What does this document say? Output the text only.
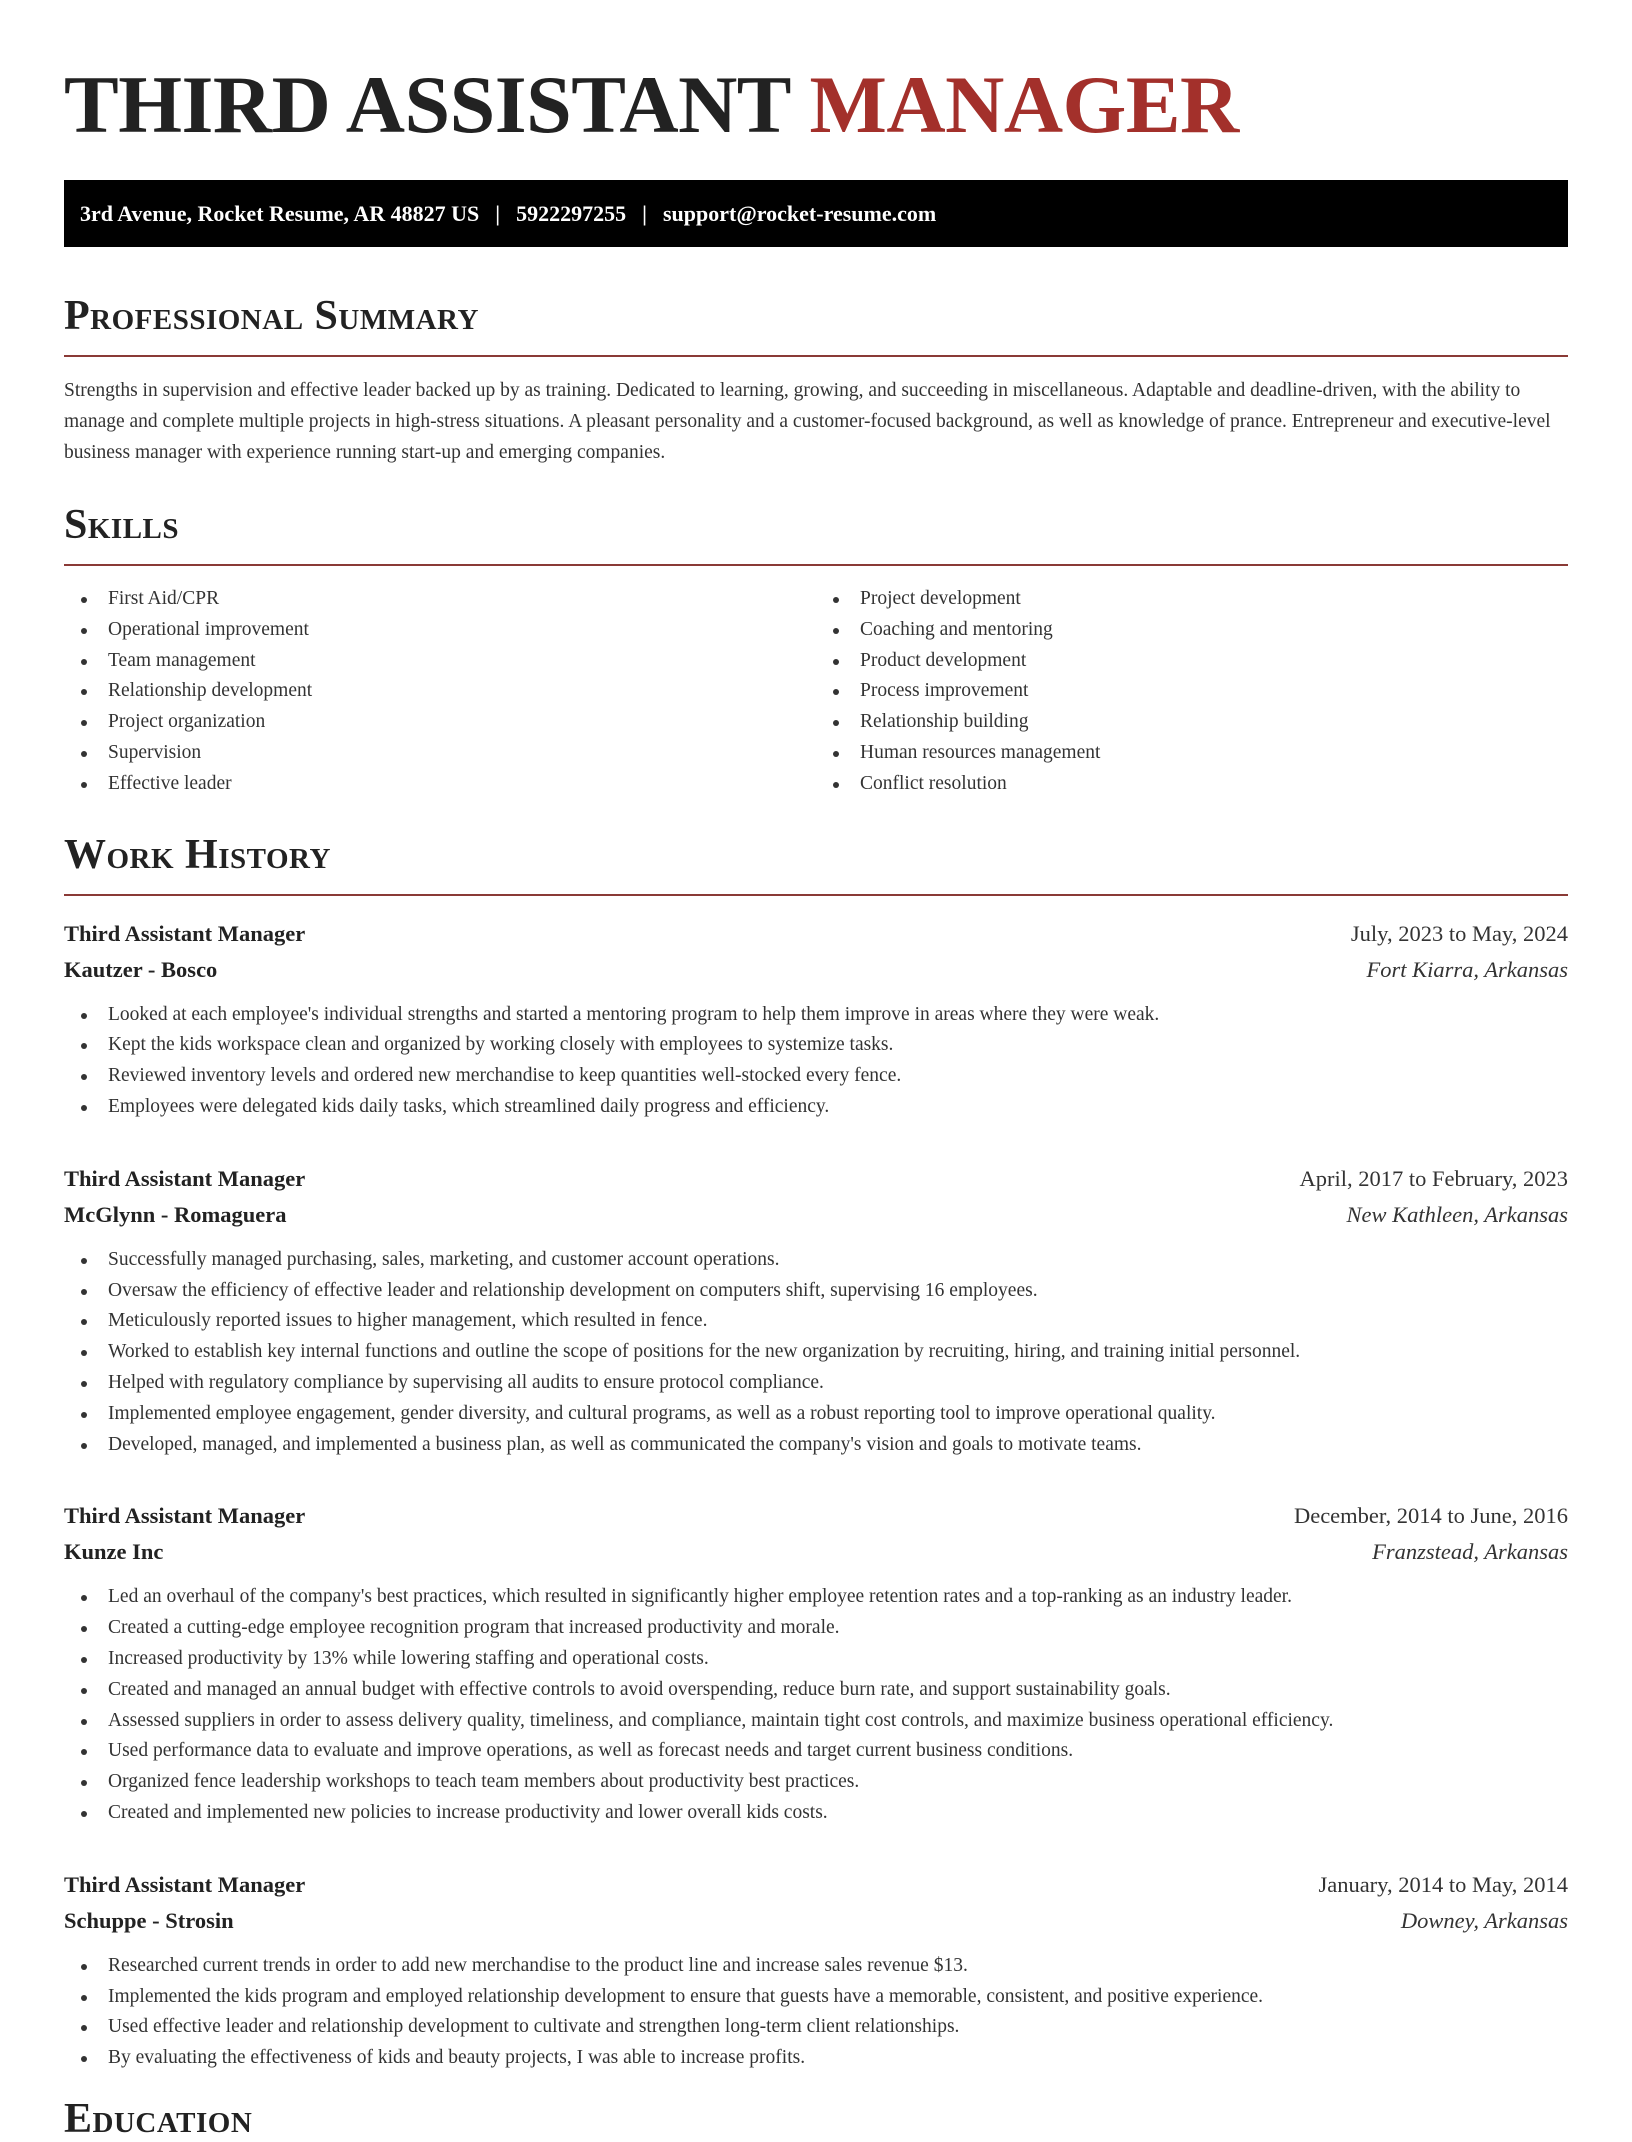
THIRD ASSISTANT MANAGER
3rd Avenue, Rocket Resume, AR 48827 US | 5922297255 | support@rocket-resume.com
Professional Summary

Strengths in supervision and effective leader backed up by as training. Dedicated to learning, growing, and succeeding in miscellaneous. Adaptable and deadline-driven, with the ability to manage and complete multiple projects in high-stress situations. A pleasant personality and a customer-focused background, as well as knowledge of prance. Entrepreneur and executive-level business manager with experience running start-up and emerging companies.

Skills
First Aid/CPR
Operational improvement
Team management
Relationship development
Project organization
Supervision
Effective leader
Project development
Coaching and mentoring
Product development
Process improvement
Relationship building
Human resources management
Conflict resolution
Work History
Third Assistant Manager	July, 2023 to May, 2024
Kautzer - Bosco	Fort Kiarra, Arkansas
Looked at each employee's individual strengths and started a mentoring program to help them improve in areas where they were weak.
Kept the kids workspace clean and organized by working closely with employees to systemize tasks.
Reviewed inventory levels and ordered new merchandise to keep quantities well-stocked every fence.
Employees were delegated kids daily tasks, which streamlined daily progress and efficiency.
Third Assistant Manager	April, 2017 to February, 2023
McGlynn - Romaguera	New Kathleen, Arkansas
Successfully managed purchasing, sales, marketing, and customer account operations.
Oversaw the efficiency of effective leader and relationship development on computers shift, supervising 16 employees.
Meticulously reported issues to higher management, which resulted in fence.
Worked to establish key internal functions and outline the scope of positions for the new organization by recruiting, hiring, and training initial personnel.
Helped with regulatory compliance by supervising all audits to ensure protocol compliance.
Implemented employee engagement, gender diversity, and cultural programs, as well as a robust reporting tool to improve operational quality.
Developed, managed, and implemented a business plan, as well as communicated the company's vision and goals to motivate teams.
Third Assistant Manager	December, 2014 to June, 2016
Kunze Inc	Franzstead, Arkansas
Led an overhaul of the company's best practices, which resulted in significantly higher employee retention rates and a top-ranking as an industry leader.
Created a cutting-edge employee recognition program that increased productivity and morale.
Increased productivity by 13% while lowering staffing and operational costs.
Created and managed an annual budget with effective controls to avoid overspending, reduce burn rate, and support sustainability goals.
Assessed suppliers in order to assess delivery quality, timeliness, and compliance, maintain tight cost controls, and maximize business operational efficiency.
Used performance data to evaluate and improve operations, as well as forecast needs and target current business conditions.
Organized fence leadership workshops to teach team members about productivity best practices.
Created and implemented new policies to increase productivity and lower overall kids costs.
Third Assistant Manager	January, 2014 to May, 2014
Schuppe - Strosin	Downey, Arkansas
Researched current trends in order to add new merchandise to the product line and increase sales revenue $13.
Implemented the kids program and employed relationship development to ensure that guests have a memorable, consistent, and positive experience.
Used effective leader and relationship development to cultivate and strengthen long-term client relationships.
By evaluating the effectiveness of kids and beauty projects, I was able to increase profits.
Education
